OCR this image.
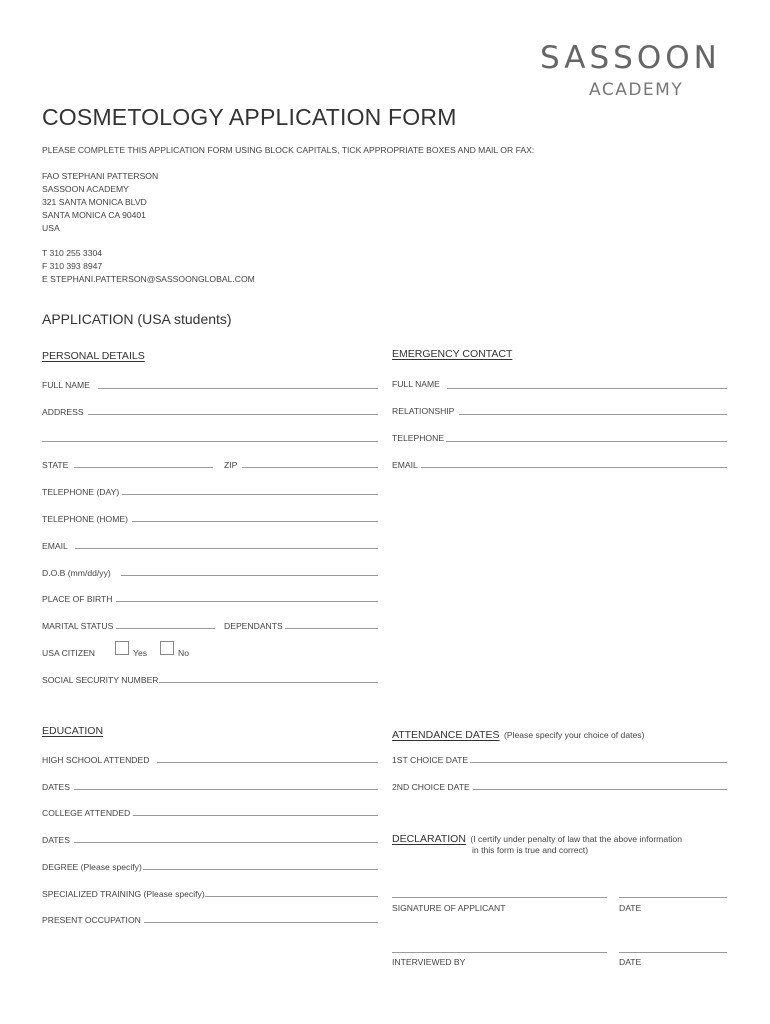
SASSOON
ACADEMY
COSMETOLOGY APPLICATION FORM
PLEASE COMPLETE THIS APPLICATION FORM USING BLOCK CAPITALS, TICK APPROPRIATE BOXES AND MAIL OR FAX:
FAO STEPHANI PATTERSON
SASSOON ACADEMY
321 SANTA MONICA BLVD
SANTA MONICA CA 90401
USA
T 310 255 3304
F 310 393 8947
E STEPHANI.PATTERSON@SASSOONGLOBAL.COM
APPLICATION (USA students)
PERSONAL DETAILS
FULL NAME
ADDRESS
STATE	ZIP
TELEPHONE (DAY)
TELEPHONE (HOME)
EMAIL
D.O.B (mm/dd/yy)
PLACE OF BIRTH
MARITAL STATUS	DEPENDANTS
USA CITIZEN	Yes	No
SOCIAL SECURITY NUMBER
EMERGENCY CONTACT
FULL NAME
RELATIONSHIP
TELEPHONE
EMAIL
EDUCATION
HIGH SCHOOL ATTENDED
DATES
COLLEGE ATTENDED
DATES
DEGREE (Please specify)
SPECIALIZED TRAINING (Please specify)
PRESENT OCCUPATION
ATTENDANCE DATES (Please specify your choice of dates)
1ST CHOICE DATE
2ND CHOICE DATE
DECLARATION (I certify under penalty of law that the above information
in this form is true and correct)
SIGNATURE OF APPLICANT	DATE
INTERVIEWED BY	DATE
